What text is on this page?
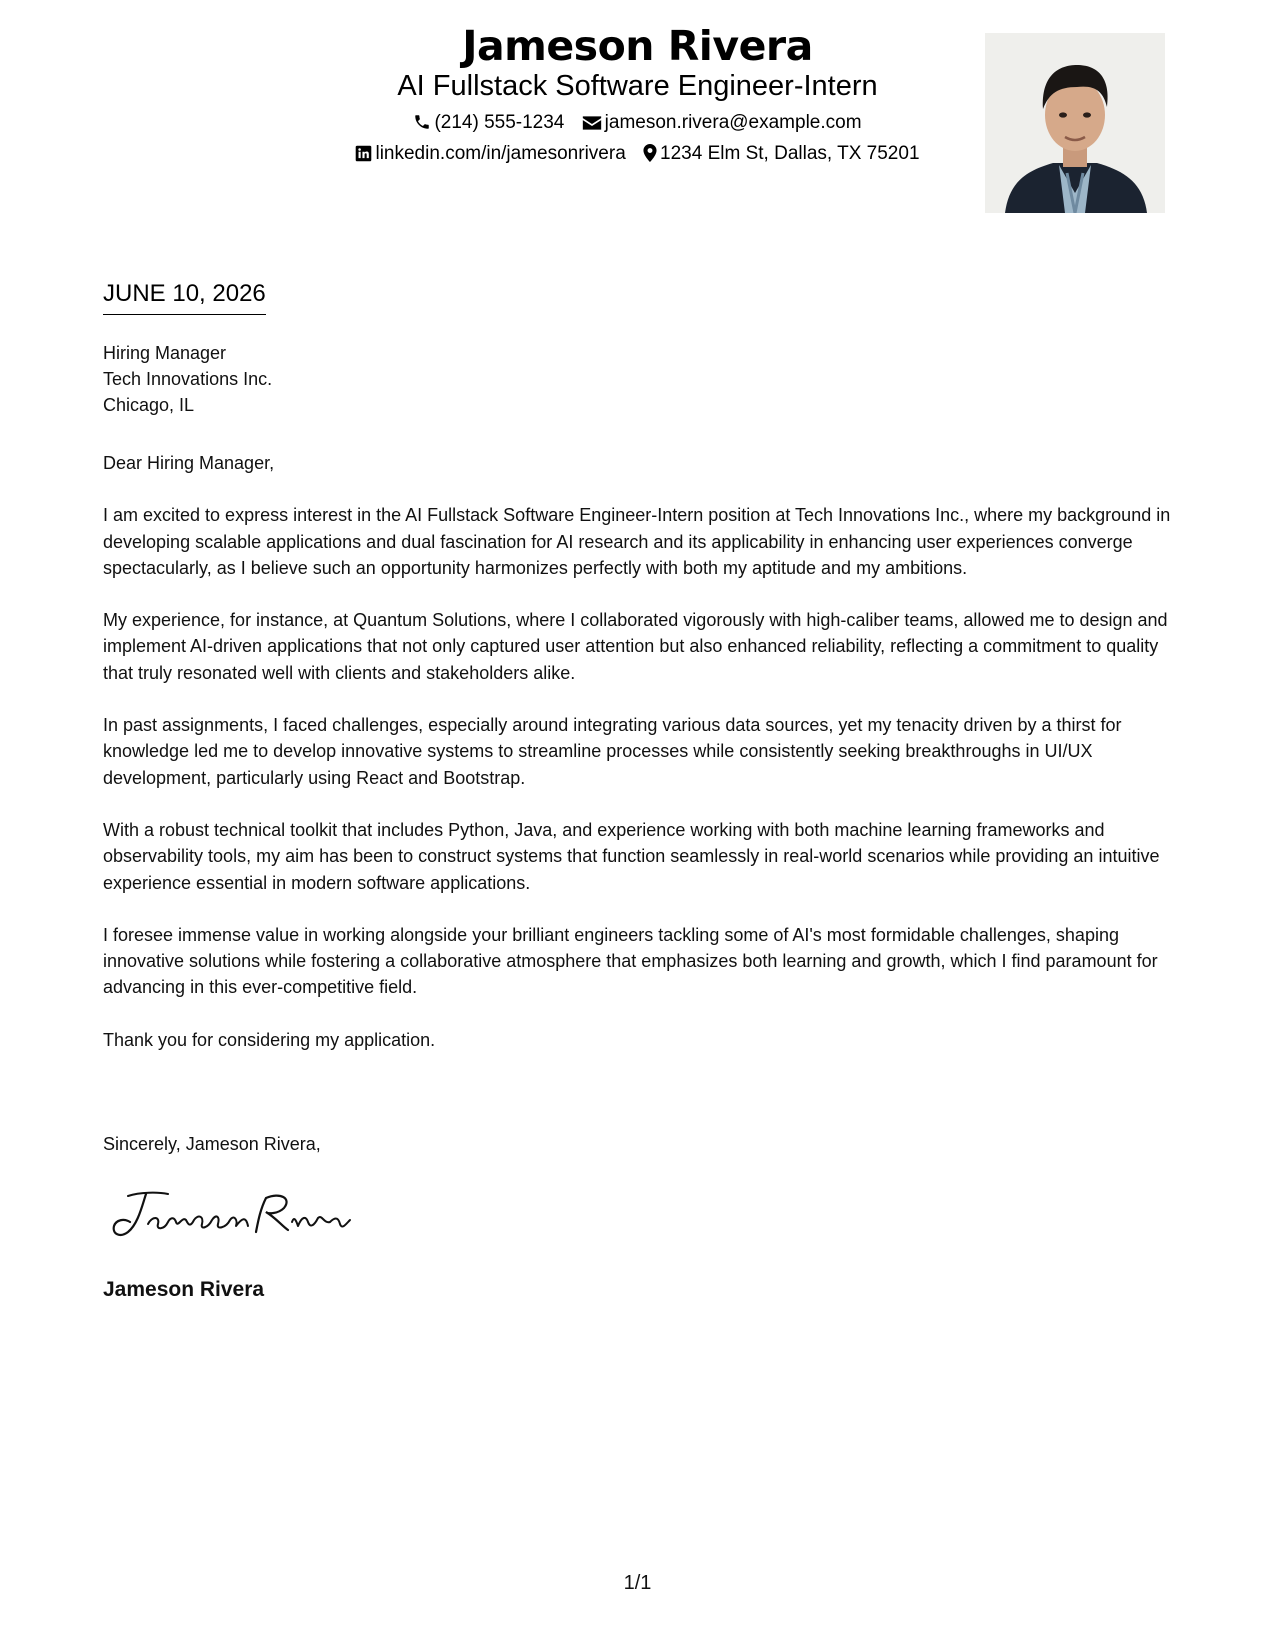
Jameson Rivera
AI Fullstack Software Engineer-Intern
(214) 555-1234 jameson.rivera@example.com
linkedin.com/in/jamesonrivera 1234 Elm St, Dallas, TX 75201
JUNE 10, 2026
Hiring Manager
Tech Innovations Inc.
Chicago, IL
Dear Hiring Manager,

I am excited to express interest in the AI Fullstack Software Engineer-Intern position at Tech Innovations Inc., where my background in developing scalable applications and dual fascination for AI research and its applicability in enhancing user experiences converge spectacularly, as I believe such an opportunity harmonizes perfectly with both my aptitude and my ambitions.

My experience, for instance, at Quantum Solutions, where I collaborated vigorously with high-caliber teams, allowed me to design and implement AI-driven applications that not only captured user attention but also enhanced reliability, reflecting a commitment to quality that truly resonated well with clients and stakeholders alike.

In past assignments, I faced challenges, especially around integrating various data sources, yet my tenacity driven by a thirst for knowledge led me to develop innovative systems to streamline processes while consistently seeking breakthroughs in UI/UX development, particularly using React and Bootstrap.

With a robust technical toolkit that includes Python, Java, and experience working with both machine learning frameworks and observability tools, my aim has been to construct systems that function seamlessly in real-world scenarios while providing an intuitive experience essential in modern software applications.

I foresee immense value in working alongside your brilliant engineers tackling some of AI's most formidable challenges, shaping innovative solutions while fostering a collaborative atmosphere that emphasizes both learning and growth, which I find paramount for advancing in this ever-competitive field.

Thank you for considering my application.

Sincerely, Jameson Rivera,
Jameson Rivera
1/1
